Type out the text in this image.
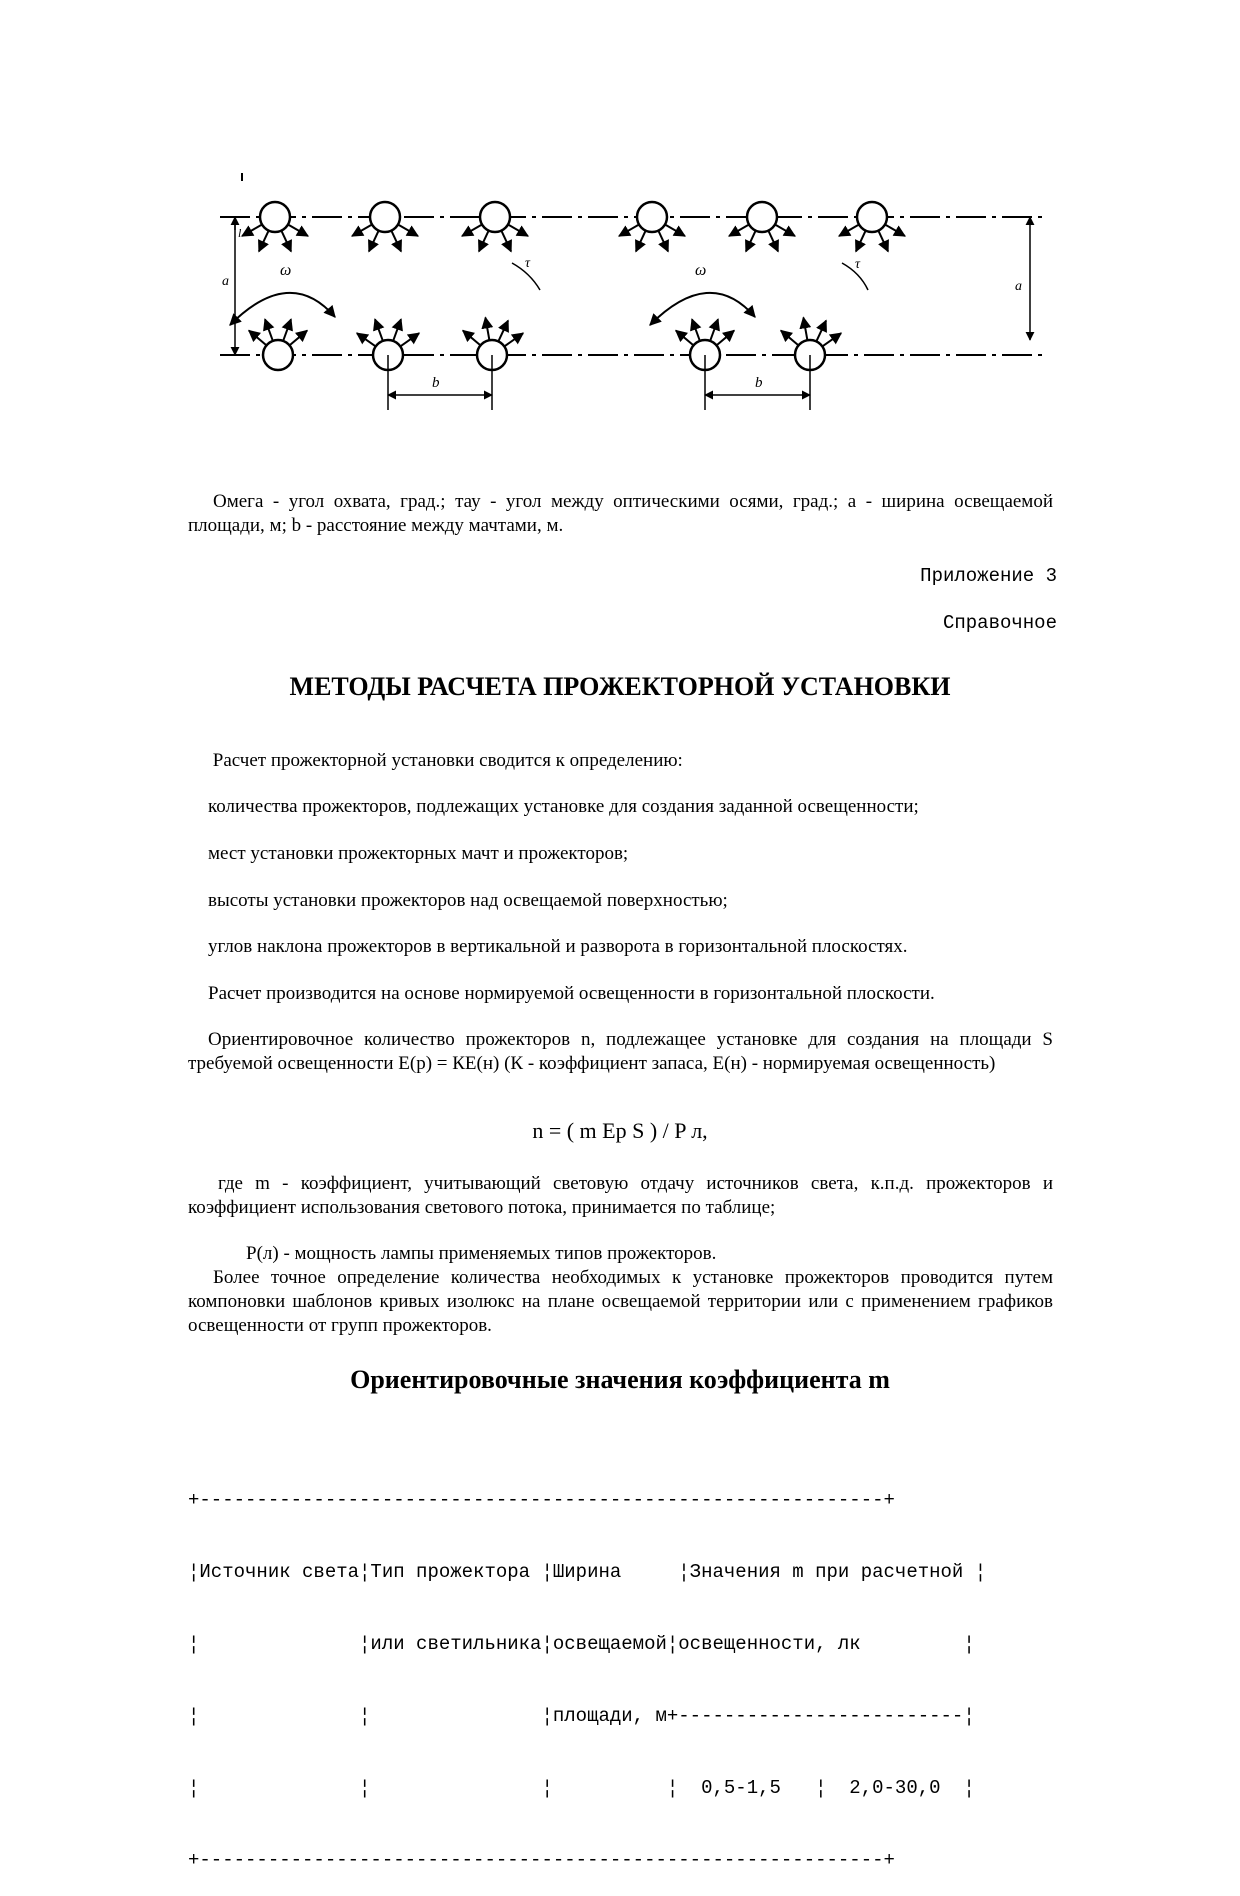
a
l
a
ω	ω
τ	τ
b	b

Омега - угол охвата, град.; тау - угол между оптическими осями, град.; а - ширина освещаемой площади, м; b - расстояние между мачтами, м.

Приложение 3
Справочное
МЕТОДЫ РАСЧЕТА ПРОЖЕКТОРНОЙ УСТАНОВКИ

Расчет прожекторной установки сводится к определению:

количества прожекторов, подлежащих установке для создания заданной освещенности;

мест установки прожекторных мачт и прожекторов;

высоты установки прожекторов над освещаемой поверхностью;

углов наклона прожекторов в вертикальной и разворота в горизонтальной плоскостях.

Расчет производится на основе нормируемой освещенности в горизонтальной плоскости.

Ориентировочное количество прожекторов n, подлежащее установке для создания на площади S требуемой освещенности Е(р) = КЕ(н) (К - коэффициент запаса, Е(н) - нормируемая освещенность)

n = ( m Ep S ) / P л,

где m - коэффициент, учитывающий световую отдачу источников света, к.п.д. прожекторов и коэффициент использования светового потока, принимается по таблице;

Р(л) - мощность лампы применяемых типов прожекторов.

Более точное определение количества необходимых к установке прожекторов проводится путем компоновки шаблонов кривых изолюкс на плане освещаемой территории или с применением графиков освещенности от групп прожекторов.

Ориентировочные значения коэффициента m

+------------------------------------------------------------+

¦Источник света¦Тип прожектора ¦Ширина     ¦Значения m при расчетной ¦

¦              ¦или светильника¦освещаемой¦освещенности, лк         ¦

¦              ¦               ¦площади, м+-------------------------¦

¦              ¦               ¦          ¦  0,5-1,5   ¦  2,0-30,0  ¦

+------------------------------------------------------------+
